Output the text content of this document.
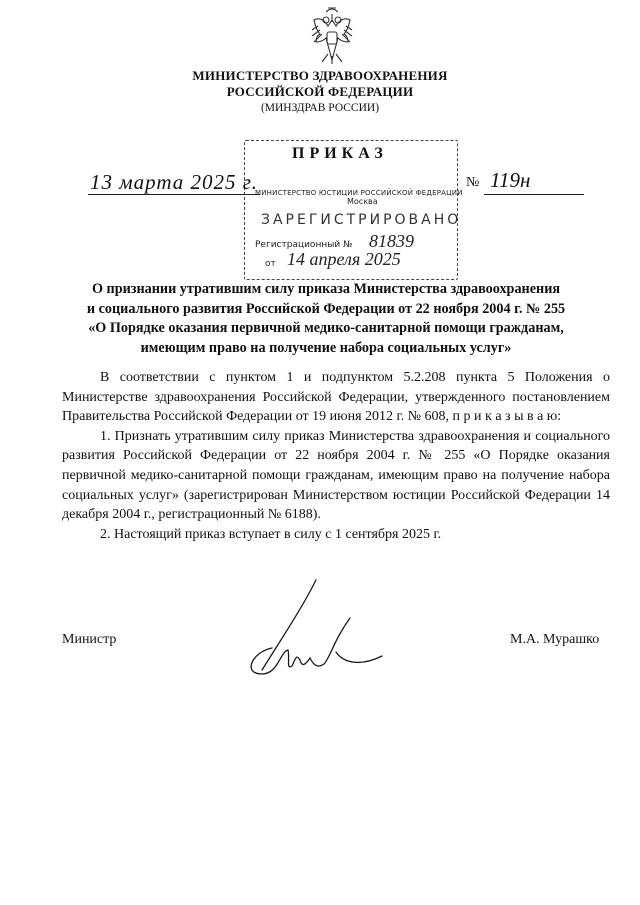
МИНИСТЕРСТВО ЗДРАВООХРАНЕНИЯ
РОССИЙСКОЙ ФЕДЕРАЦИИ
(МИНЗДРАВ РОССИИ)
МИНИСТЕРСТВО ЮСТИЦИИ РОССИЙСКОЙ ФЕДЕРАЦИИ
Москва
ЗАРЕГИСТРИРОВАНО
Регистрационный № 81839
от 14 апреля 2025
ПРИКАЗ
13 марта 2025 г.	№ 119н
О признании утратившим силу приказа Министерства здравоохранения
и социального развития Российской Федерации от 22 ноября 2004 г. № 255
«О Порядке оказания первичной медико-санитарной помощи гражданам,
имеющим право на получение набора социальных услуг»

В соответствии с пунктом 1 и подпунктом 5.2.208 пункта 5 Положения о Министерстве здравоохранения Российской Федерации, утвержденного постановлением Правительства Российской Федерации от 19 июня 2012 г. № 608, п р и к а з ы в а ю:

1. Признать утратившим силу приказ Министерства здравоохранения и социального развития Российской Федерации от 22 ноября 2004 г. № 255 «О Порядке оказания первичной медико-санитарной помощи гражданам, имеющим право на получение набора социальных услуг» (зарегистрирован Министерством юстиции Российской Федерации 14 декабря 2004 г., регистрационный № 6188).

2. Настоящий приказ вступает в силу с 1 сентября 2025 г.

Министр	М.А. Мурашко
